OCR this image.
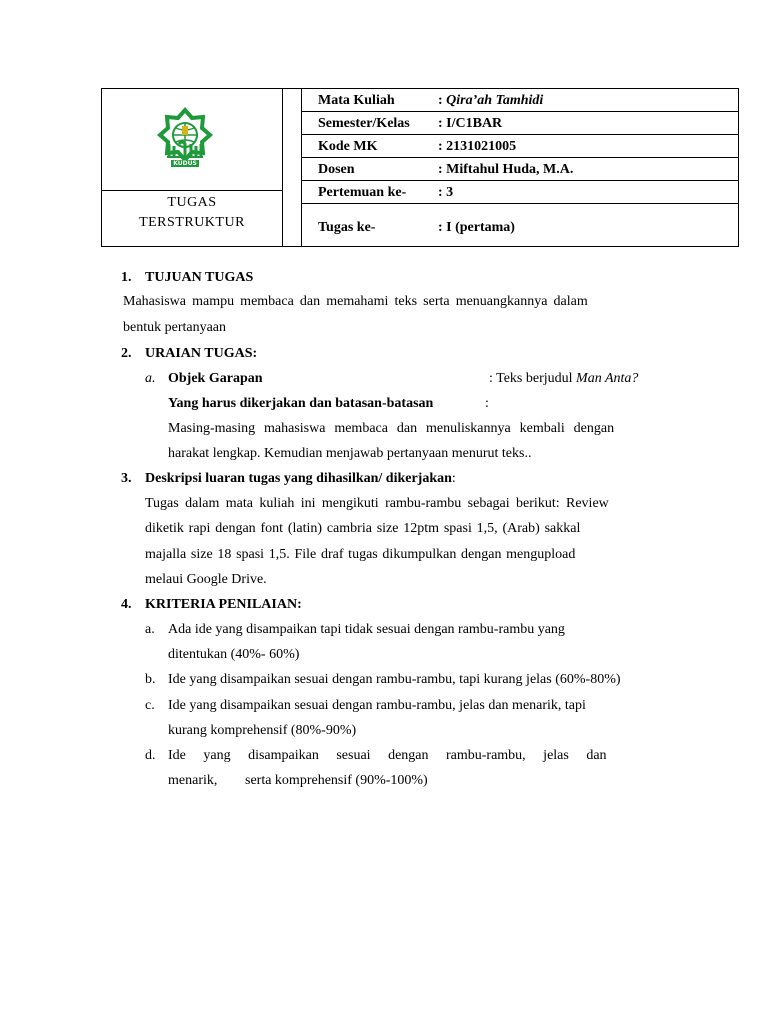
KUDUS
TUGAS
TERSTRUKTUR
Mata Kuliah	: Qira’ah Tamhidi
Semester/Kelas : I/C1BAR
Kode MK	: 2131021005
Dosen	: Miftahul Huda, M.A.
Pertemuan ke- : 3
Tugas ke-	: I (pertama)
1. TUJUAN TUGAS
Mahasiswa mampu membaca dan memahami teks serta menuangkannya dalam
bentuk pertanyaan
2. URAIAN TUGAS:
a. Objek Garapan	: Teks berjudul Man Anta?
Yang harus dikerjakan dan batasan-batasan	:
Masing-masing mahasiswa membaca dan menuliskannya kembali dengan
harakat lengkap. Kemudian menjawab pertanyaan menurut teks..
3. Deskripsi luaran tugas yang dihasilkan/ dikerjakan:
Tugas dalam mata kuliah ini mengikuti rambu-rambu sebagai berikut: Review
diketik rapi dengan font (latin) cambria size 12ptm spasi 1,5, (Arab) sakkal
majalla size 18 spasi 1,5. File draf tugas dikumpulkan dengan mengupload
melaui Google Drive.
4. KRITERIA PENILAIAN:
a. Ada ide yang disampaikan tapi tidak sesuai dengan rambu-rambu yang
ditentukan (40%- 60%)
b. Ide yang disampaikan sesuai dengan rambu-rambu, tapi kurang jelas (60%-80%)
c. Ide yang disampaikan sesuai dengan rambu-rambu, jelas dan menarik, tapi
kurang komprehensif (80%-90%)
d. Ide yang disampaikan sesuai dengan rambu-rambu, jelas dan
menarik, serta komprehensif (90%-100%)
